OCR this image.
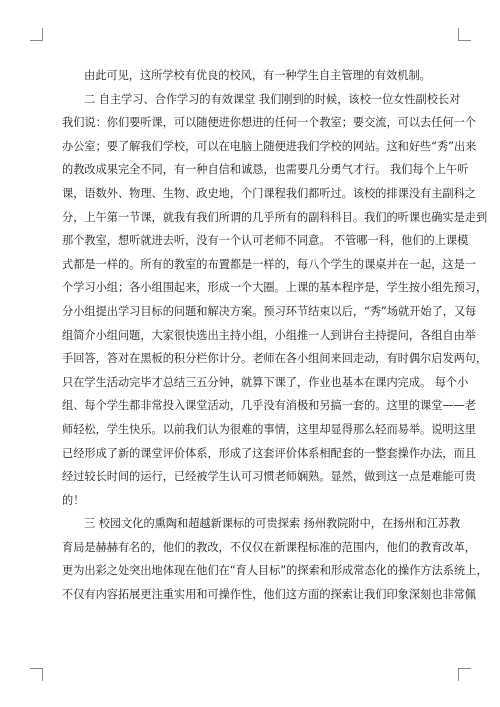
由此可见，这所学校有优良的校风，有一种学生自主管理的有效机制。
二 自主学习、合作学习的有效课堂 我们刚到的时候，该校一位女性副校长对
我们说：你们要听课，可以随便进你想进的任何一个教室；要交流，可以去任何一个
办公室；要了解我们学校，可以在电脑上随便进我们学校的网站。这和好些“秀”出来
的教改成果完全不同，有一种自信和诚恳，也需要几分勇气才行。 我们每个上午听
课，语数外、物理、生物、政史地，个门课程我们都听过。该校的排课没有主副科之
分，上午第一节课，就我有我们所谓的几乎所有的副科科目。我们的听课也确实是走到
那个教室，想听就进去听，没有一个认可老师不同意。 不管哪一科，他们的上课模
式都是一样的。所有的教室的布置都是一样的，每八个学生的课桌并在一起，这是一
个学习小组；各小组围起来，形成一个大圈。上课的基本程序是，学生按小组先预习，
分小组提出学习目标的问题和解决方案。预习环节结束以后，“秀”场就开始了，又每
组简介小组问题，大家很快选出主持小组，小组推一人到讲台主持提问，各组自由举
手回答，答对在黑板的积分栏你计分。老师在各小组间来回走动，有时偶尔启发两句，
只在学生活动完毕才总结三五分钟，就算下课了，作业也基本在课内完成。 每个小
组、每个学生都非常投入课堂活动，几乎没有消极和另搞一套的。这里的课堂——老
师轻松，学生快乐。以前我们认为很难的事情，这里却显得那么轻而易举。说明这里
已经形成了新的课堂评价体系，形成了这套评价体系相配套的一整套操作办法，而且
经过较长时间的运行，已经被学生认可习惯老师娴熟。显然，做到这一点是难能可贵
的！
三 校园文化的熏陶和超越新课标的可贵探索 扬州教院附中，在扬州和江苏教
育局是赫赫有名的，他们的教改，不仅仅在新课程标准的范围内，他们的教育改革，
更为出彩之处突出地体现在他们在“育人目标”的探索和形成常态化的操作方法系统上，
不仅有内容拓展更注重实用和可操作性，他们这方面的探索让我们印象深刻也非常佩
